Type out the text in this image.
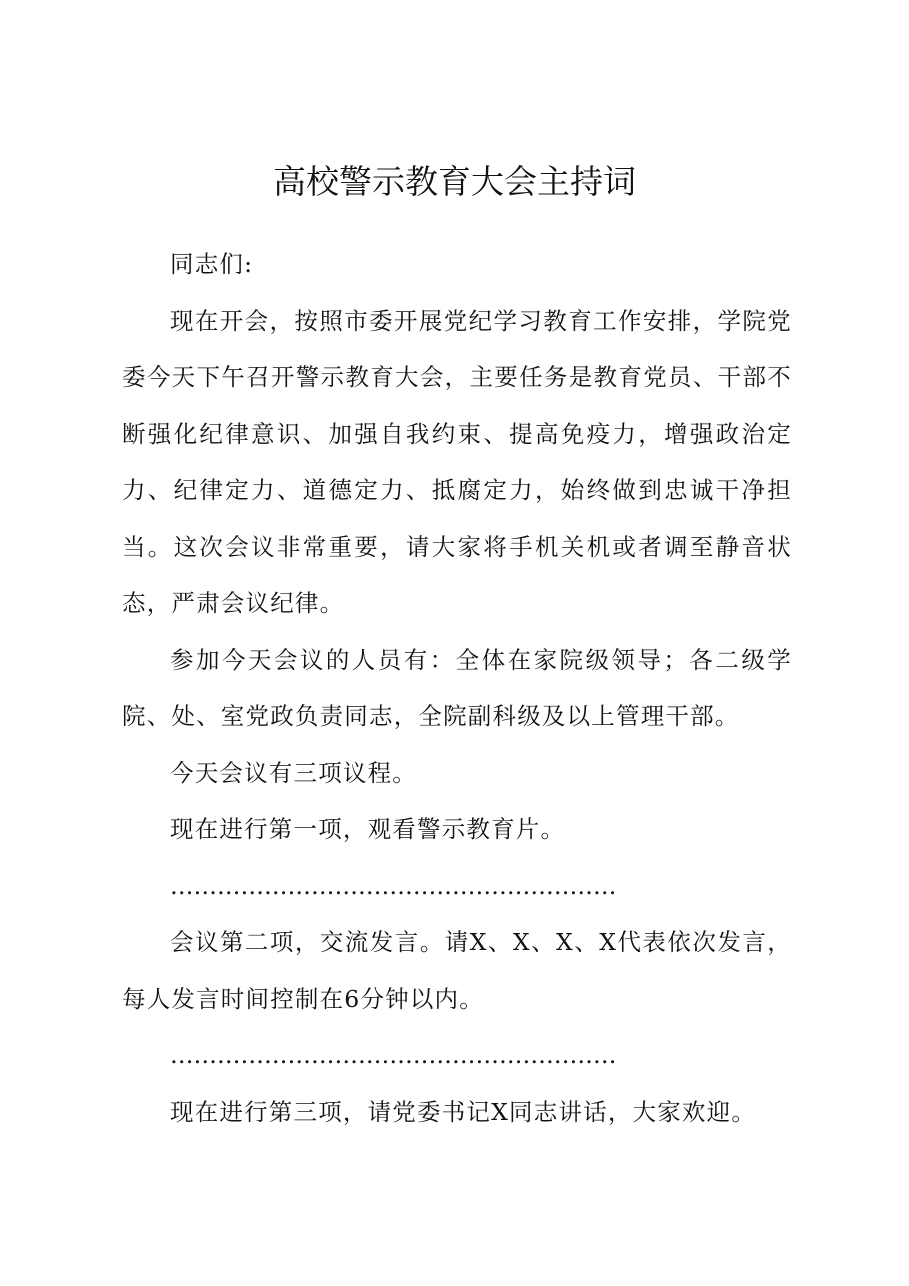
高校警示教育大会主持词

同志们:

现在开会，按照市委开展党纪学习教育工作安排，学院党委今天下午召开警示教育大会，主要任务是教育党员、干部不断强化纪律意识、加强自我约束、提高免疫力，增强政治定力、纪律定力、道德定力、抵腐定力，始终做到忠诚干净担当。这次会议非常重要，请大家将手机关机或者调至静音状态，严肃会议纪律。

参加今天会议的人员有：全体在家院级领导；各二级学院、处、室党政负责同志，全院副科级及以上管理干部。

今天会议有三项议程。

现在进行第一项，观看警示教育片。

…………………………………………………

会议第二项，交流发言。请X、X、X、X代表依次发言，每人发言时间控制在6分钟以内。

…………………………………………………

现在进行第三项，请党委书记X同志讲话，大家欢迎。
